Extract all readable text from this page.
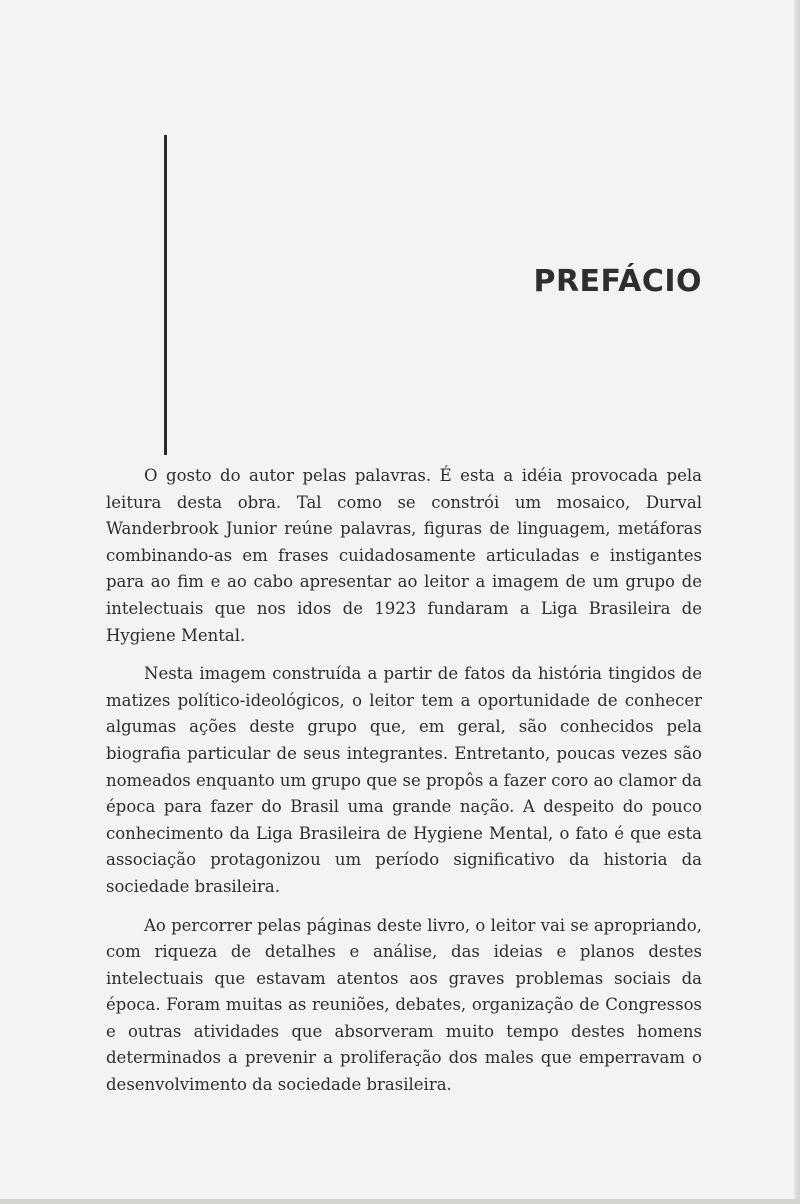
PREFÁCIO

O gosto do autor pelas palavras. É esta a idéia provocada pela leitura desta obra. Tal como se constrói um mosaico, Durval Wanderbrook Junior reúne palavras, figuras de linguagem, metáforas combinando-as em frases cuidadosamente articuladas e instigantes para ao fim e ao cabo apresentar ao leitor a imagem de um grupo de intelectuais que nos idos de 1923 fundaram a Liga Brasileira de Hygiene Mental.

Nesta imagem construída a partir de fatos da história tingidos de matizes político-ideológicos, o leitor tem a oportunidade de conhecer algumas ações deste grupo que, em geral, são conhecidos pela biografia particular de seus integrantes. Entretanto, poucas vezes são nomeados enquanto um grupo que se propôs a fazer coro ao clamor da época para fazer do Brasil uma grande nação. A despeito do pouco conhecimento da Liga Brasileira de Hygiene Mental, o fato é que esta associação protagonizou um período significativo da historia da sociedade brasileira.

Ao percorrer pelas páginas deste livro, o leitor vai se apropriando, com riqueza de detalhes e análise, das ideias e planos destes intelectuais que estavam atentos aos graves problemas sociais da época. Foram muitas as reuniões, debates, organização de Congressos e outras atividades que absorveram muito tempo destes homens determinados a prevenir a proliferação dos males que emperravam o desenvolvimento da sociedade brasileira.
